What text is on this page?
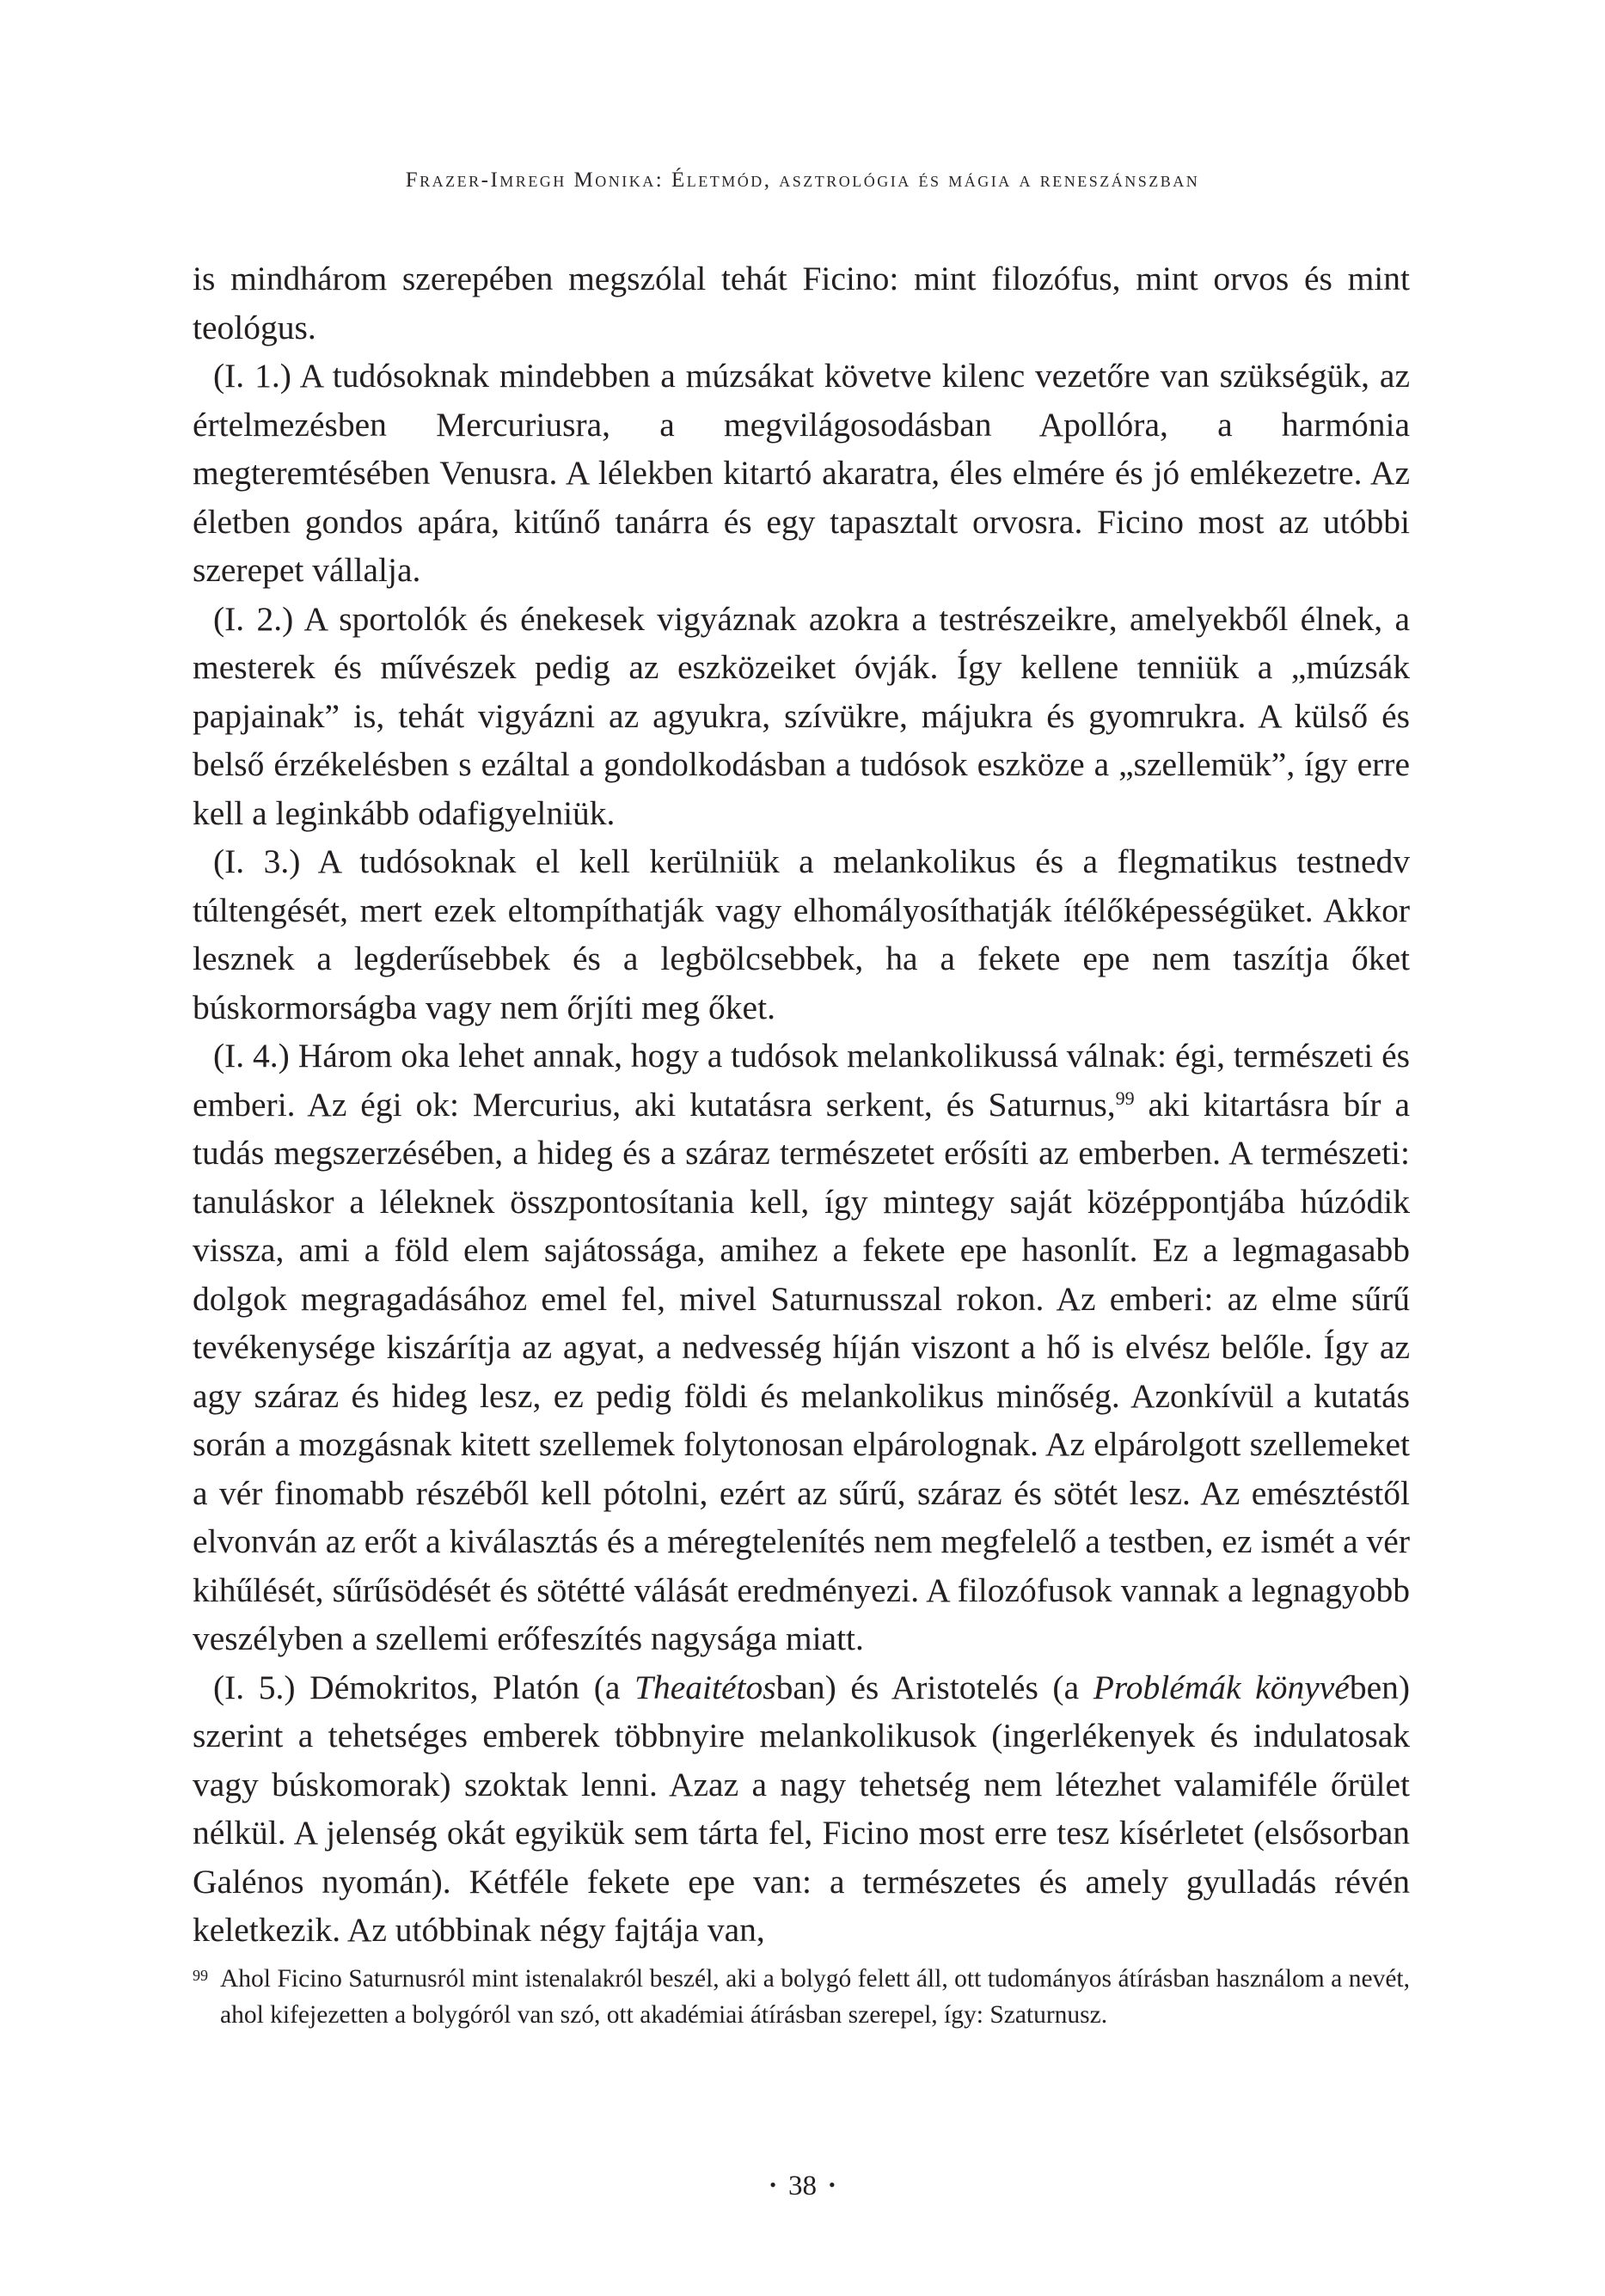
Frazer-Imregh Monika: Életmód, asztrológia és mágia a reneszánszban

is mindhárom szerepében megszólal tehát Ficino: mint filozófus, mint orvos és mint teológus.

(I. 1.) A tudósoknak mindebben a múzsákat követve kilenc vezetőre van szükségük, az értelmezésben Mercuriusra, a megvilágosodásban Apollóra, a harmónia megteremtésében Venusra. A lélekben kitartó akaratra, éles elmére és jó emlékezetre. Az életben gondos apára, kitűnő tanárra és egy tapasztalt orvosra. Ficino most az utóbbi szerepet vállalja.

(I. 2.) A sportolók és énekesek vigyáznak azokra a testrészeikre, amelyekből élnek, a mesterek és művészek pedig az eszközeiket óvják. Így kellene tenniük a „múzsák papjainak” is, tehát vigyázni az agyukra, szívükre, májukra és gyomrukra. A külső és belső érzékelésben s ezáltal a gondolkodásban a tudósok eszköze a „szellemük”, így erre kell a leginkább odafigyelniük.

(I. 3.) A tudósoknak el kell kerülniük a melankolikus és a flegmatikus testnedv túltengését, mert ezek eltompíthatják vagy elhomályosíthatják ítélőképességüket. Akkor lesznek a legderűsebbek és a legbölcsebbek, ha a fekete epe nem taszítja őket búskormorságba vagy nem őrjíti meg őket.

(I. 4.) Három oka lehet annak, hogy a tudósok melankolikussá válnak: égi, természeti és emberi. Az égi ok: Mercurius, aki kutatásra serkent, és Saturnus,$^{99}$ aki kitartásra bír a tudás megszerzésében, a hideg és a száraz természetet erősíti az emberben. A természeti: tanuláskor a léleknek összpontosítania kell, így mintegy saját középpontjába húzódik vissza, ami a föld elem sajátossága, amihez a fekete epe hasonlít. Ez a legmagasabb dolgok megragadásához emel fel, mivel Saturnusszal rokon. Az emberi: az elme sűrű tevékenysége kiszárítja az agyat, a nedvesség híján viszont a hő is elvész belőle. Így az agy száraz és hideg lesz, ez pedig földi és melankolikus minőség. Azonkívül a kutatás során a mozgásnak kitett szellemek folytonosan elpárolognak. Az elpárolgott szellemeket a vér finomabb részéből kell pótolni, ezért az sűrű, száraz és sötét lesz. Az emésztéstől elvonván az erőt a kiválasztás és a méregtelenítés nem megfelelő a testben, ez ismét a vér kihűlését, sűrűsödését és sötétté válását eredményezi. A filozófusok vannak a legnagyobb veszélyben a szellemi erőfeszítés nagysága miatt.

(I. 5.) Démokritos, Platón (a Theaitétosban) és Aristotelés (a Problémák könyvében) szerint a tehetséges emberek többnyire melankolikusok (ingerlékenyek és indulatosak vagy búskomorak) szoktak lenni. Azaz a nagy tehetség nem létezhet valamiféle őrület nélkül. A jelenség okát egyikük sem tárta fel, Ficino most erre tesz kísérletet (elsősorban Galénos nyomán). Kétféle fekete epe van: a természetes és amely gyulladás révén keletkezik. Az utóbbinak négy fajtája van,

99 Ahol Ficino Saturnusról mint istenalakról beszél, aki a bolygó felett áll, ott tudományos átírásban használom a nevét, ahol kifejezetten a bolygóról van szó, ott akadémiai átírásban szerepel, így: Szaturnusz.
• 38 •
